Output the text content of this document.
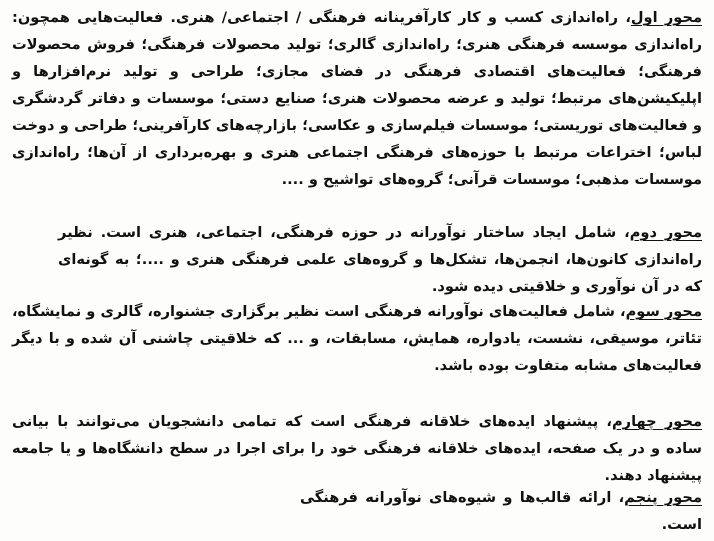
محور اول، راه‌اندازی کسب و کار کارآفرینانه فرهنگی / اجتماعی/ هنری. فعالیت‌هایی همچون: راه‌اندازی موسسه فرهنگی هنری؛ راه‌اندازی گالری؛ تولید محصولات فرهنگی؛ فروش محصولات فرهنگی؛ فعالیت‌های اقتصادی فرهنگی در فضای مجازی؛ طراحی و تولید نرم‌افزارها و اپلیکیشن‌های مرتبط؛ تولید و عرضه محصولات هنری؛ صنایع دستی؛ موسسات و دفاتر گردشگری و فعالیت‌های توریستی؛ موسسات فیلم‌سازی و عکاسی؛ بازارچه‌های کارآفرینی؛ طراحی و دوخت لباس؛ اختراعات مرتبط با حوزه‌های فرهنگی اجتماعی هنری و بهره‌برداری از آن‌ها؛ راه‌اندازی موسسات مذهبی؛ موسسات قرآنی؛ گروه‌های تواشیح و ....
محور دوم، شامل ایجاد ساختار نوآورانه در حوزه فرهنگی، اجتماعی، هنری است. نظیر راه‌اندازی کانون‌ها، انجمن‌ها، تشکل‌ها و گروه‌های علمی فرهنگی هنری و ....؛ به گونه‌ای که در آن نوآوری و خلاقیتی دیده شود.
محور سوم، شامل فعالیت‌های نوآورانه فرهنگی است نظیر برگزاری جشنواره، گالری و نمایشگاه، تئاتر، موسیقی، نشست، یادواره، همایش، مسابقات، و ... که خلاقیتی چاشنی آن شده و با دیگر فعالیت‌های مشابه متفاوت بوده باشد.
محور چهارم، پیشنهاد ایده‌های خلاقانه فرهنگی است که تمامی دانشجویان می‌توانند با بیانی ساده و در یک صفحه، ایده‌های خلاقانه فرهنگی خود را برای اجرا در سطح دانشگاه‌ها و یا جامعه پیشنهاد دهند.
محور پنجم، ارائه قالب‌ها و شیوه‌های نوآورانه فرهنگی است.
